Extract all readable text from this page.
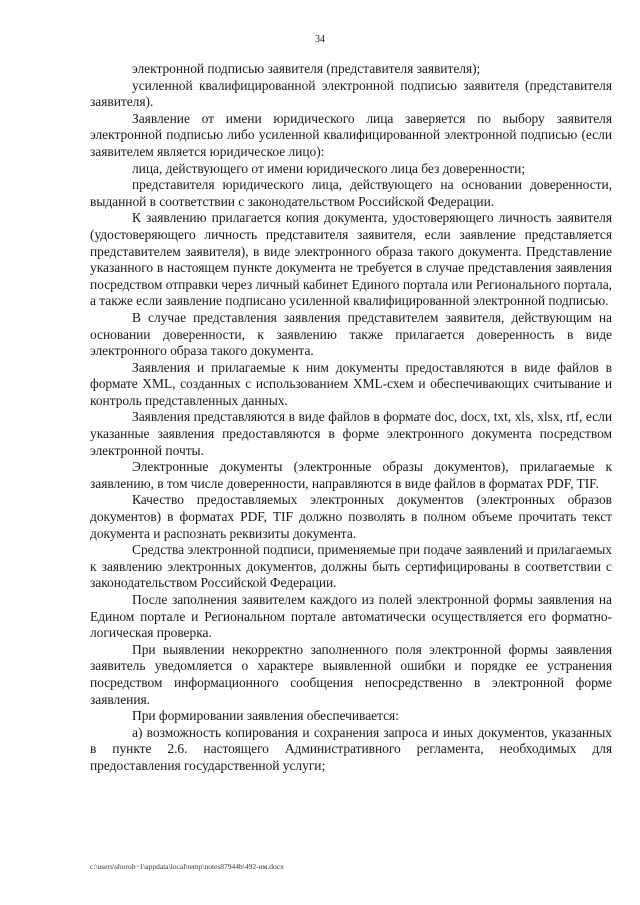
34

электронной подписью заявителя (представителя заявителя);

усиленной квалифицированной электронной подписью заявителя (представителя заявителя).

Заявление от имени юридического лица заверяется по выбору заявителя электронной подписью либо усиленной квалифицированной электронной подписью (если заявителем является юридическое лицо):

лица, действующего от имени юридического лица без доверенности;

представителя юридического лица, действующего на основании доверенности, выданной в соответствии с законодательством Российской Федерации.

К заявлению прилагается копия документа, удостоверяющего личность заявителя (удостоверяющего личность представителя заявителя, если заявление представляется представителем заявителя), в виде электронного образа такого документа. Представление указанного в настоящем пункте документа не требуется в случае представления заявления посредством отправки через личный кабинет Единого портала или Регионального портала, а также если заявление подписано усиленной квалифицированной электронной подписью.

В случае представления заявления представителем заявителя, действующим на основании доверенности, к заявлению также прилагается доверенность в виде электронного образа такого документа.

Заявления и прилагаемые к ним документы предоставляются в виде файлов в формате XML, созданных с использованием XML-схем и обеспечивающих считывание и контроль представленных данных.

Заявления представляются в виде файлов в формате doc, docx, txt, xls, xlsx, rtf, если указанные заявления предоставляются в форме электронного документа посредством электронной почты.

Электронные документы (электронные образы документов), прилагаемые к заявлению, в том числе доверенности, направляются в виде файлов в форматах PDF, TIF.

Качество предоставляемых электронных документов (электронных образов документов) в форматах PDF, TIF должно позволять в полном объеме прочитать текст документа и распознать реквизиты документа.

Средства электронной подписи, применяемые при подаче заявлений и прилагаемых к заявлению электронных документов, должны быть сертифицированы в соответствии с законодательством Российской Федерации.

После заполнения заявителем каждого из полей электронной формы заявления на Едином портале и Региональном портале автоматически осуществляется его форматно-логическая проверка.

При выявлении некорректно заполненного поля электронной формы заявления заявитель уведомляется о характере выявленной ошибки и порядке ее устранения посредством информационного сообщения непосредственно в электронной форме заявления.

При формировании заявления обеспечивается:

а) возможность копирования и сохранения запроса и иных документов, указанных в пункте 2.6. настоящего Административного регламента, необходимых для предоставления государственной услуги;

c:\users\shoroh~1\appdata\local\temp\notes87944b\492-им.docx
